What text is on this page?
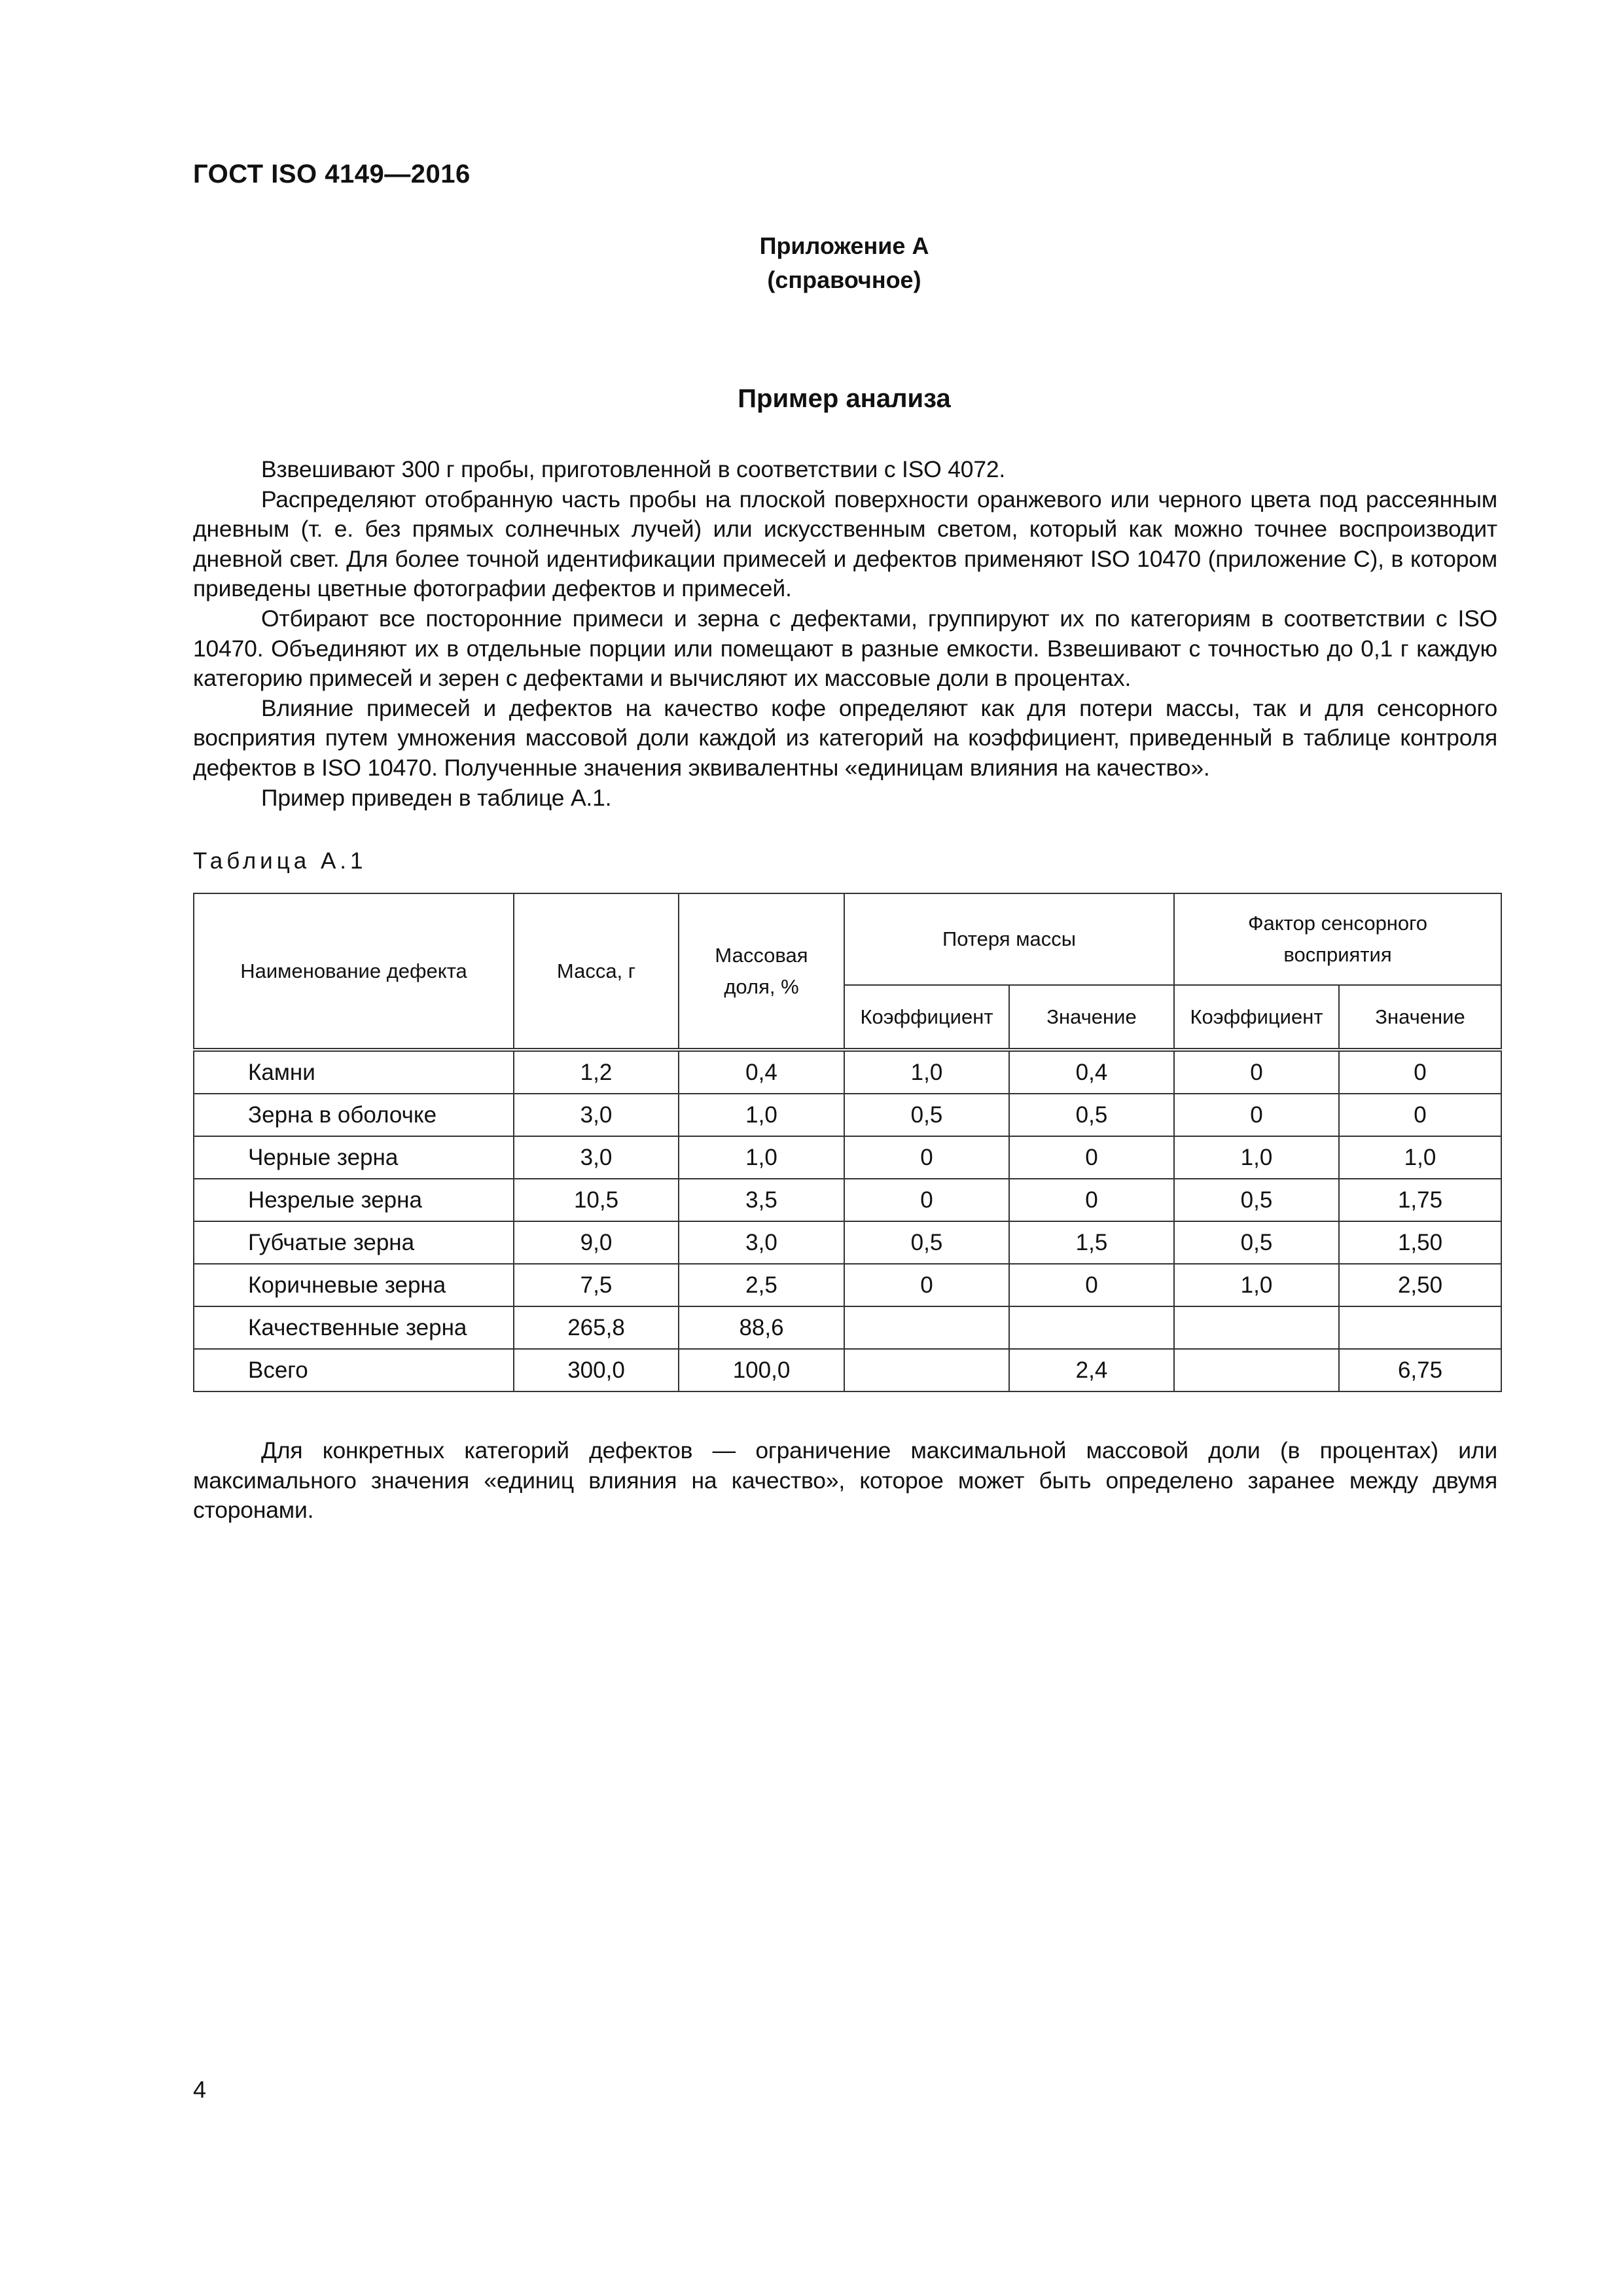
ГОСТ ISO 4149—2016
Приложение А
(справочное)
Пример анализа

Взвешивают 300 г пробы, приготовленной в соответствии с ISO 4072.

Распределяют отобранную часть пробы на плоской поверхности оранжевого или черного цвета под рассеянным дневным (т. е. без прямых солнечных лучей) или искусственным светом, который как можно точнее воспроизводит дневной свет. Для более точной идентификации примесей и дефектов применяют ISO 10470 (приложение С), в котором приведены цветные фотографии дефектов и примесей.

Отбирают все посторонние примеси и зерна с дефектами, группируют их по категориям в соответствии с ISO 10470. Объединяют их в отдельные порции или помещают в разные емкости. Взвешивают с точностью до 0,1 г каждую категорию примесей и зерен с дефектами и вычисляют их массовые доли в процентах.

Влияние примесей и дефектов на качество кофе определяют как для потери массы, так и для сенсорного восприятия путем умножения массовой доли каждой из категорий на коэффициент, приведенный в таблице контроля дефектов в ISO 10470. Полученные значения эквивалентны «единицам влияния на качество».

Пример приведен в таблице А.1.

Таблица А.1
Наименование дефекта	Масса, г	Массовая доля, %	Потеря массы		Фактор сенсорного восприятия	
			Коэффициент	Значение	Коэффициент	Значение
Камни	1,2	0,4	1,0	0,4	0	0
Зерна в оболочке	3,0	1,0	0,5	0,5	0	0
Черные зерна	3,0	1,0	0	0	1,0	1,0
Незрелые зерна	10,5	3,5	0	0	0,5	1,75
Губчатые зерна	9,0	3,0	0,5	1,5	0,5	1,50
Коричневые зерна	7,5	2,5	0	0	1,0	2,50
Качественные зерна	265,8	88,6				
Всего	300,0	100,0		2,4		6,75

Для конкретных категорий дефектов — ограничение максимальной массовой доли (в процентах) или максимального значения «единиц влияния на качество», которое может быть определено заранее между двумя сторонами.

4
